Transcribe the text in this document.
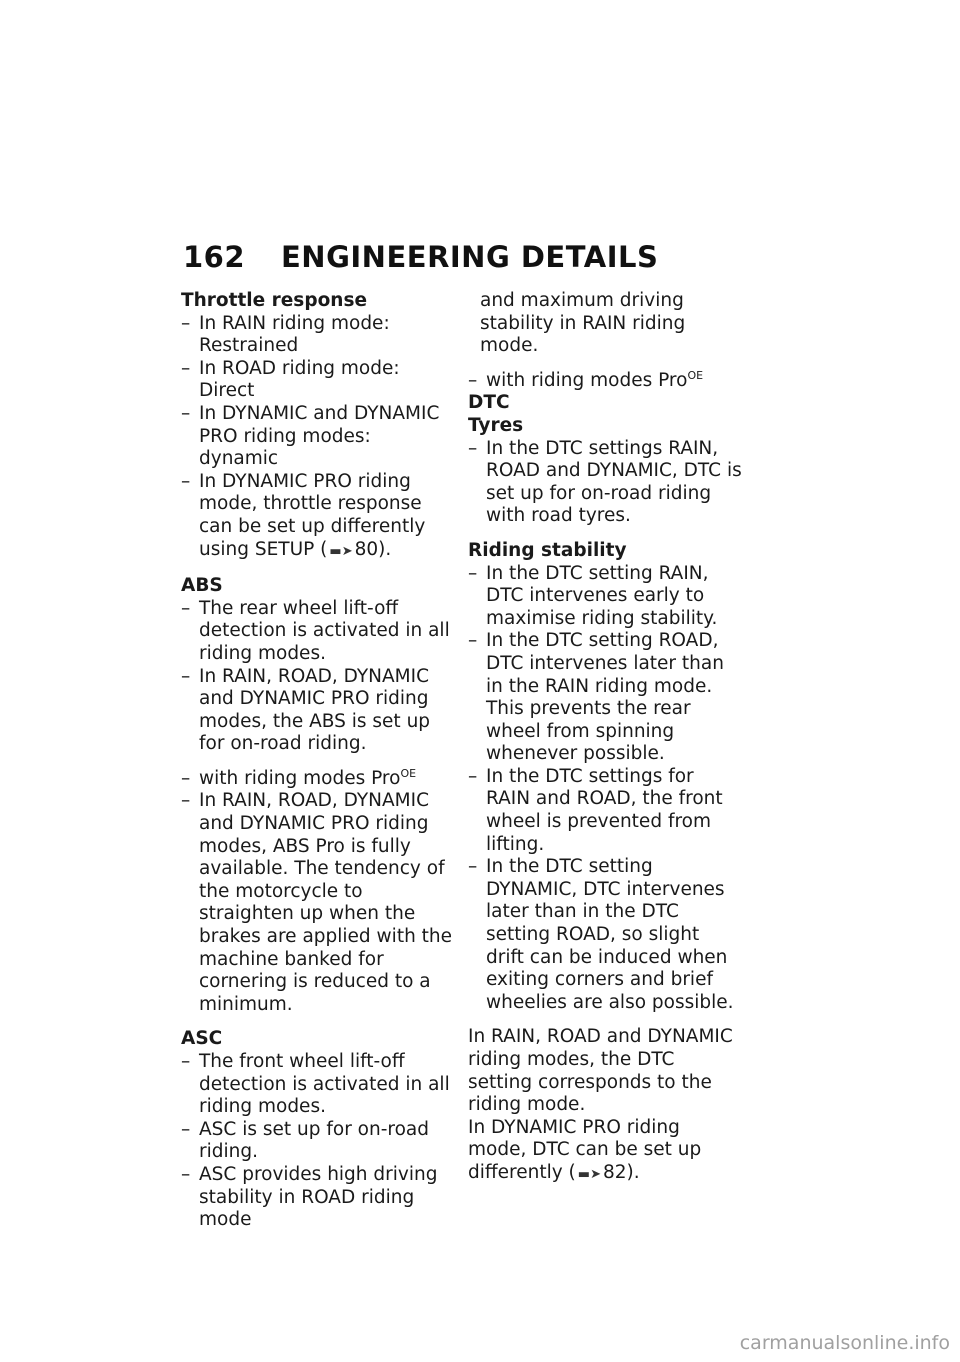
162 ENGINEERING DETAILS
Throttle response
– In RAIN riding mode: Restrained
– In ROAD riding mode: Direct
– In DYNAMIC and DYNAMIC PRO riding modes: dynamic
– In DYNAMIC PRO riding mode, throttle response can be set up differently using SETUP ( ▬➤ 80).
ABS
– The rear wheel lift-off detection is activated in all riding modes.
– In RAIN, ROAD, DYNAMIC and DYNAMIC PRO riding modes, the ABS is set up for on-road riding.
– with riding modes Pro$^{OE}$
– In RAIN, ROAD, DYNAMIC and DYNAMIC PRO riding modes, ABS Pro is fully available. The tendency of the motorcycle to straighten up when the brakes are applied with the machine banked for cornering is reduced to a minimum.
ASC
– The front wheel lift-off detection is activated in all riding modes.
– ASC is set up for on-road riding.
– ASC provides high driving stability in ROAD riding mode
and maximum driving stability in RAIN riding mode.
– with riding modes Pro$^{OE}$
DTC
Tyres
– In the DTC settings RAIN, ROAD and DYNAMIC, DTC is set up for on-road riding with road tyres.
Riding stability
– In the DTC setting RAIN, DTC intervenes early to maximise riding stability.
– In the DTC setting ROAD, DTC intervenes later than in the RAIN riding mode. This prevents the rear wheel from spinning whenever possible.
– In the DTC settings for RAIN and ROAD, the front wheel is prevented from lifting.
– In the DTC setting DYNAMIC, DTC intervenes later than in the DTC setting ROAD, so slight drift can be induced when exiting corners and brief wheelies are also possible.
In RAIN, ROAD and DYNAMIC riding modes, the DTC setting corresponds to the riding mode.
In DYNAMIC PRO riding mode, DTC can be set up differently ( ▬➤ 82).
carmanualsonline.info
